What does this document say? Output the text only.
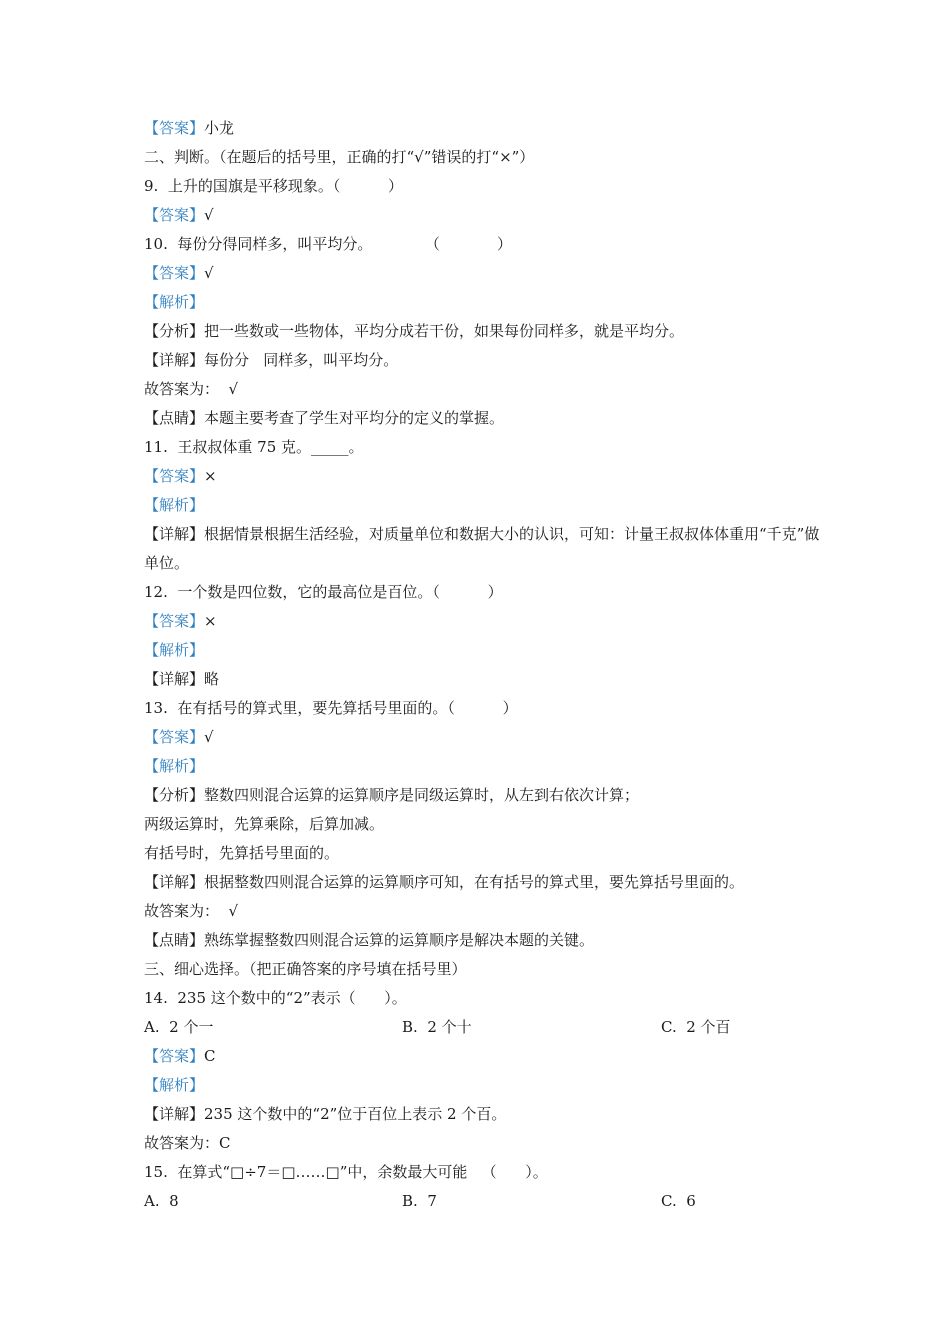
【答案】小龙
二、判断。（在题后的括号里，正确的打“√”错误的打“×”）
9.  上升的国旗是平移现象。（          ）
【答案】√
10.  每份分得同样多，叫平均分。           （            ）
【答案】√
【解析】
【分析】把一些数或一些物体，平均分成若干份，如果每份同样多，就是平均分。
【详解】每份分   同样多，叫平均分。
故答案为：  √
【点睛】本题主要考查了学生对平均分的定义的掌握。
11.  王叔叔体重 75 克。_____。
【答案】×
【解析】
【详解】根据情景根据生活经验，对质量单位和数据大小的认识，可知：计量王叔叔体体重用“千克”做单位。
12.  一个数是四位数，它的最高位是百位。（          ）
【答案】×
【解析】
【详解】略
13.  在有括号的算式里，要先算括号里面的。（          ）
【答案】√
【解析】
【分析】整数四则混合运算的运算顺序是同级运算时，从左到右依次计算；
两级运算时，先算乘除，后算加减。
有括号时，先算括号里面的。
【详解】根据整数四则混合运算的运算顺序可知，在有括号的算式里，要先算括号里面的。
故答案为：  √
【点睛】熟练掌握整数四则混合运算的运算顺序是解决本题的关键。
三、细心选择。（把正确答案的序号填在括号里）
14.  235 这个数中的“2”表示（      ）。
A.  2 个一	B.  2 个十	C.  2 个百
【答案】C
【解析】
【详解】235 这个数中的“2”位于百位上表示 2 个百。
故答案为：C
15.  在算式“□÷7＝□……□”中，余数最大可能   （      ）。
A.  8	B.  7	C.  6
